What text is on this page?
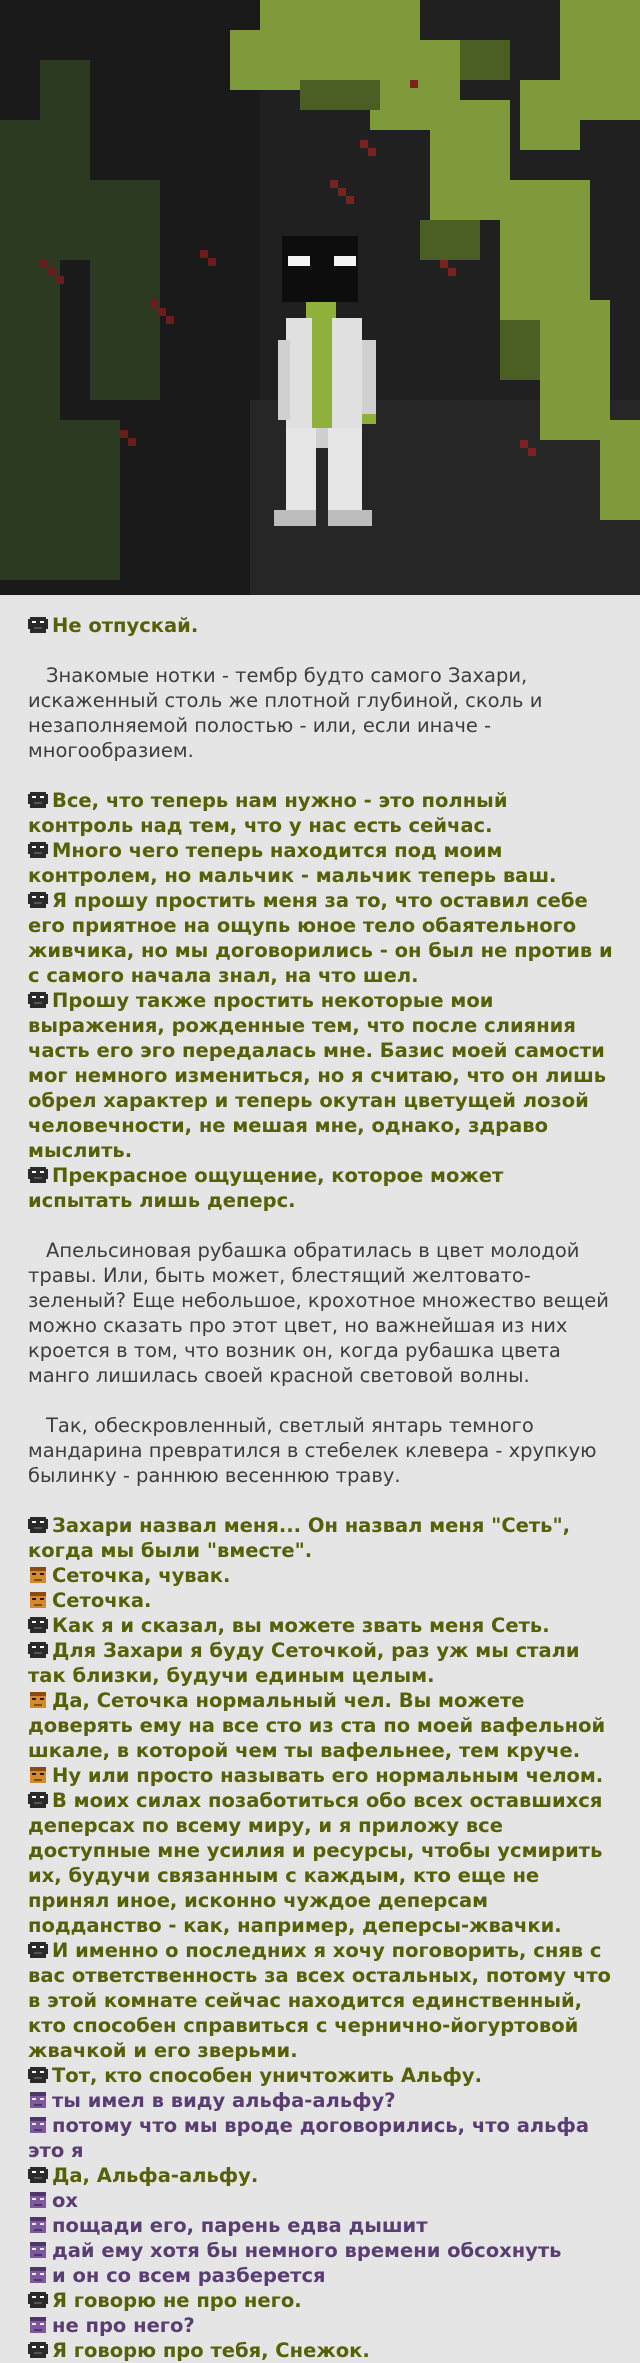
Не отпускай.

Знакомые нотки - тембр будто самого Захари, искаженный столь же плотной глубиной, сколь и незаполняемой полостью - или, если иначе - многообразием.

Все, что теперь нам нужно - это полный контроль над тем, что у нас есть сейчас.

Много чего теперь находится под моим контролем, но мальчик - мальчик теперь ваш.

Я прошу простить меня за то, что оставил себе его приятное на ощупь юное тело обаятельного живчика, но мы договорились - он был не против и с самого начала знал, на что шел.

Прошу также простить некоторые мои выражения, рожденные тем, что после слияния часть его эго передалась мне. Базис моей самости мог немного измениться, но я считаю, что он лишь обрел характер и теперь окутан цветущей лозой человечности, не мешая мне, однако, здраво мыслить.

Прекрасное ощущение, которое может испытать лишь деперс.

Апельсиновая рубашка обратилась в цвет молодой травы. Или, быть может, блестящий желтовато-зеленый? Еще небольшое, крохотное множество вещей можно сказать про этот цвет, но важнейшая из них кроется в том, что возник он, когда рубашка цвета манго лишилась своей красной световой волны.

Так, обескровленный, светлый янтарь темного мандарина превратился в стебелек клевера - хрупкую былинку - раннюю весеннюю траву.

Захари назвал меня... Он назвал меня "Сеть", когда мы были "вместе".

Сеточка, чувак.

Сеточка.

Как я и сказал, вы можете звать меня Сеть.

Для Захари я буду Сеточкой, раз уж мы стали так близки, будучи единым целым.

Да, Сеточка нормальный чел. Вы можете доверять ему на все сто из ста по моей вафельной шкале, в которой чем ты вафельнее, тем круче.

Ну или просто называть его нормальным челом.

В моих силах позаботиться обо всех оставшихся деперсах по всему миру, и я приложу все доступные мне усилия и ресурсы, чтобы усмирить их, будучи связанным с каждым, кто еще не принял иное, исконно чуждое деперсам подданство - как, например, деперсы-жвачки.

И именно о последних я хочу поговорить, сняв с вас ответственность за всех остальных, потому что в этой комнате сейчас находится единственный, кто способен справиться с чернично-йогуртовой жвачкой и его зверьми.

Тот, кто способен уничтожить Альфу.

ты имел в виду альфа-альфу?

потому что мы вроде договорились, что альфа это я

Да, Альфа-альфу.

ох

пощади его, парень едва дышит

дай ему хотя бы немного времени обсохнуть

и он со всем разберется

Я говорю не про него.

не про него?

Я говорю про тебя, Снежок.
